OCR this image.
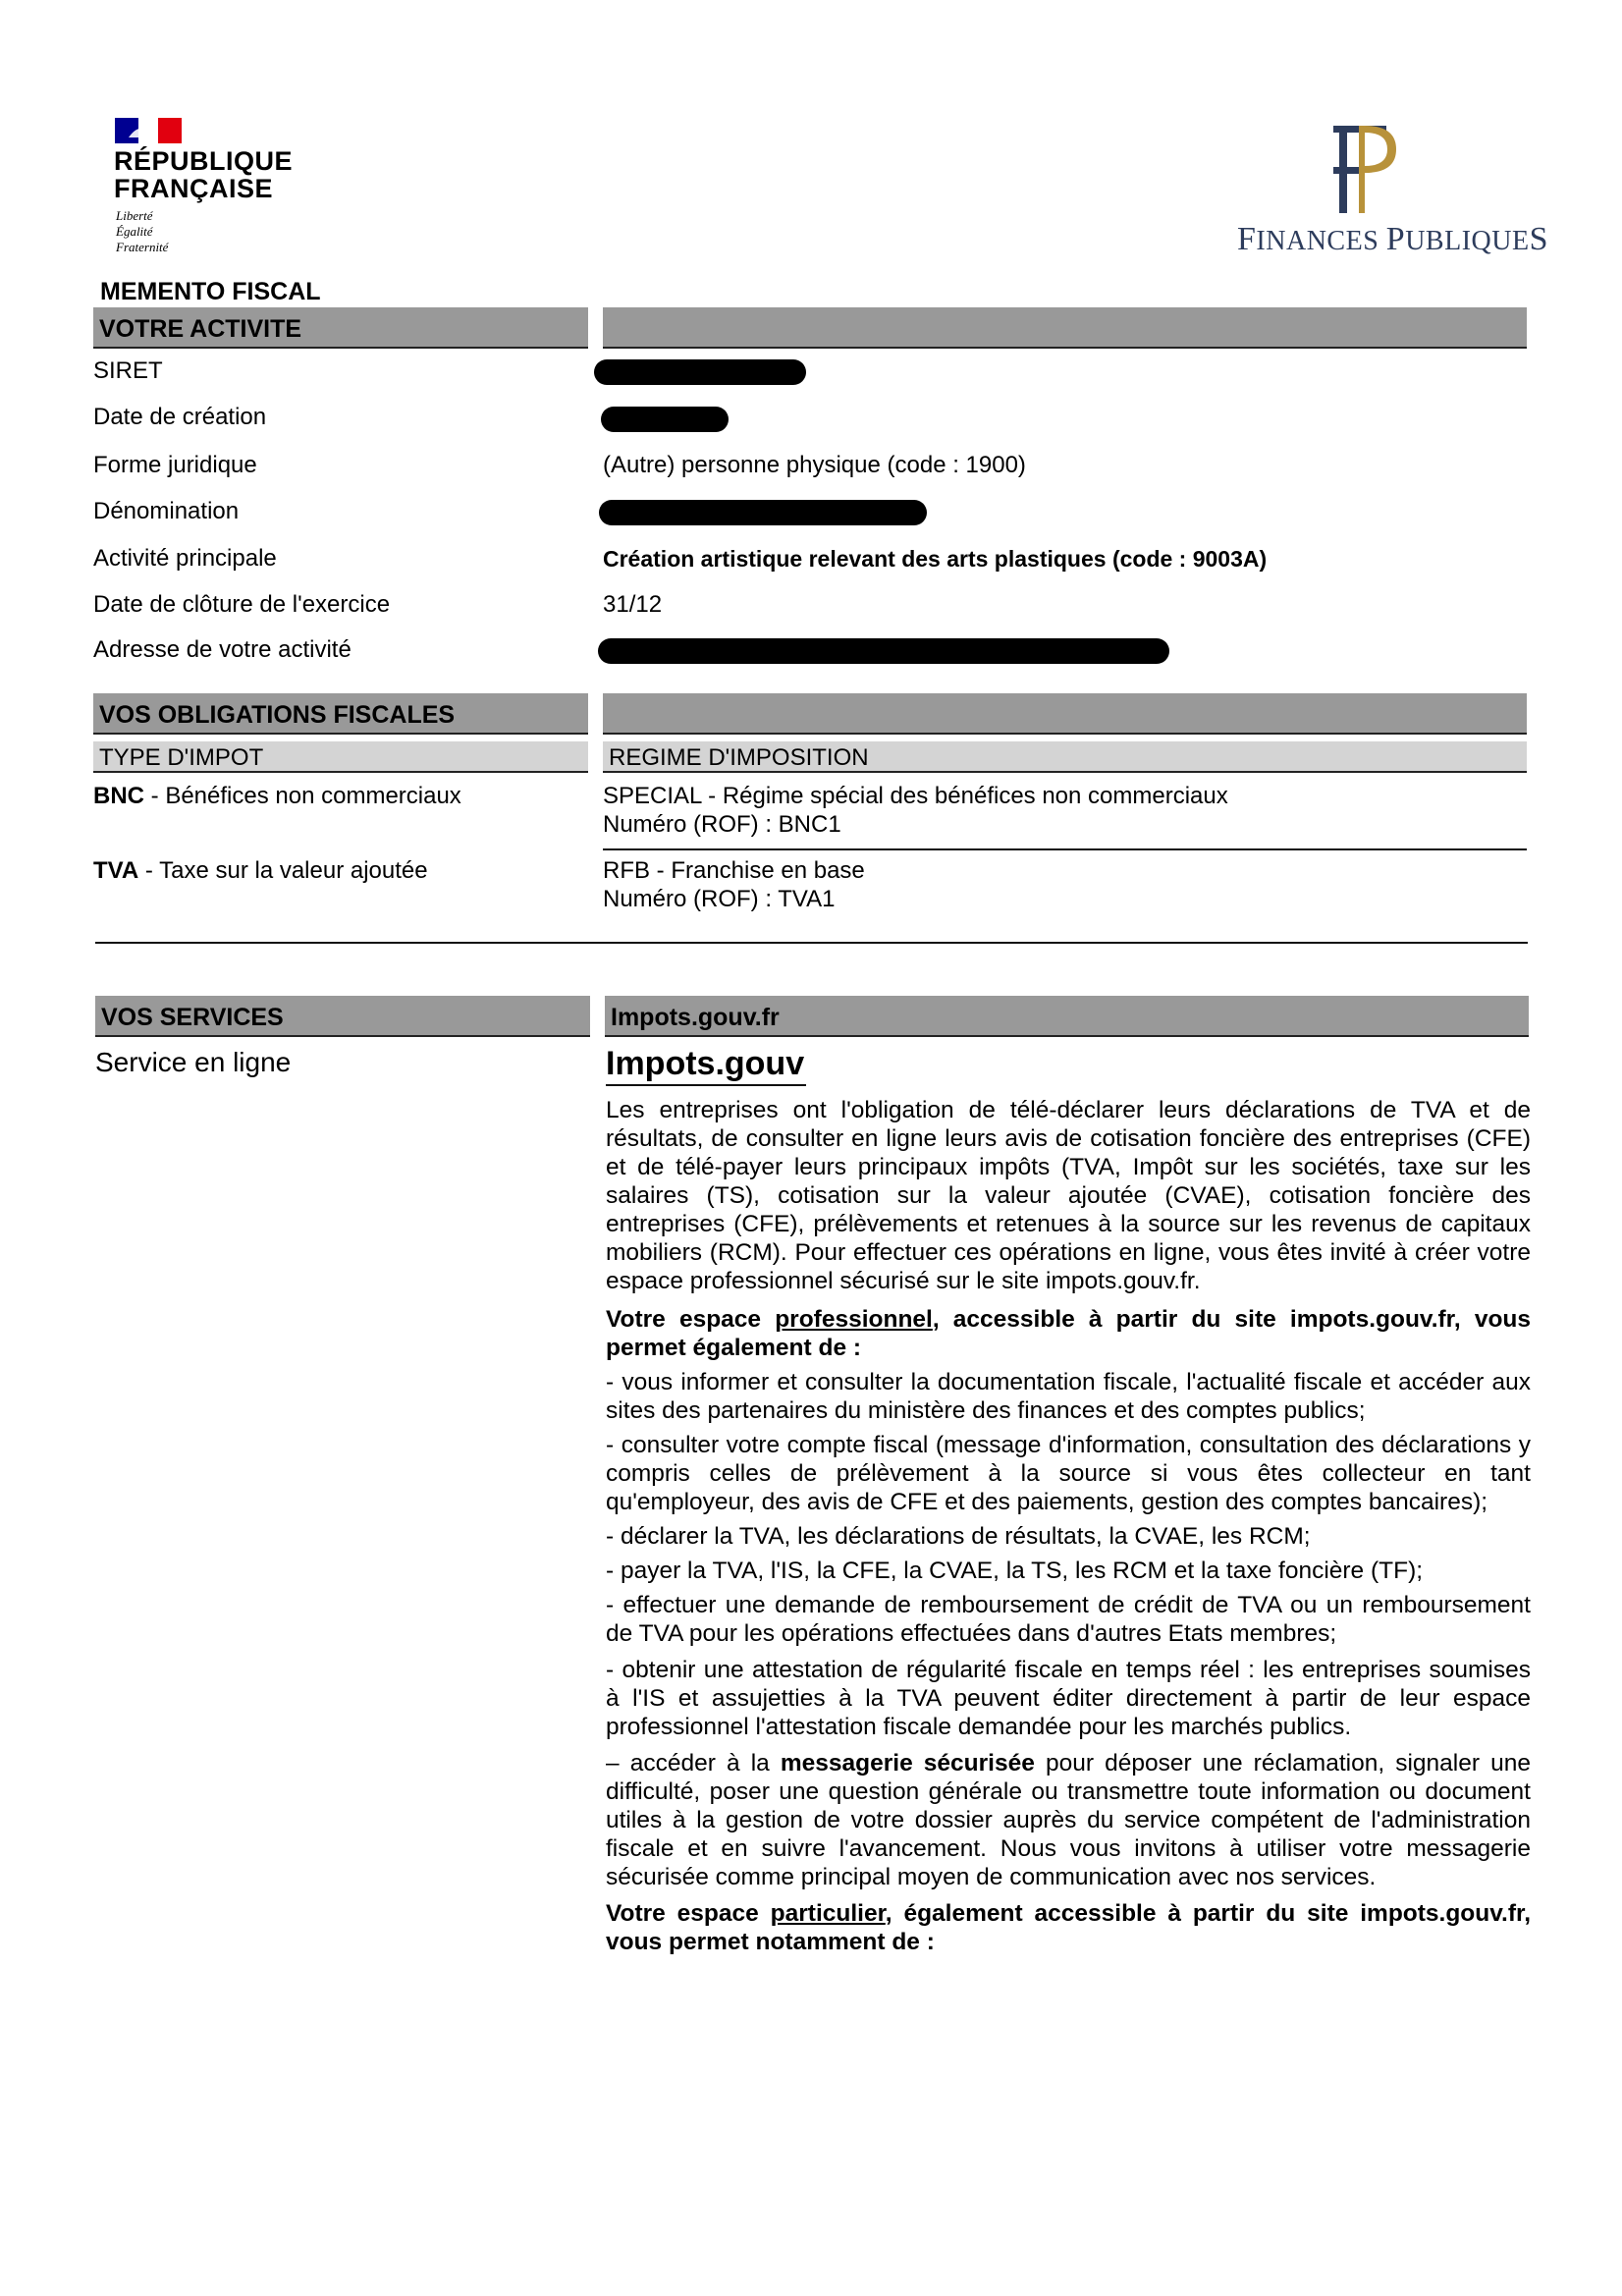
RÉPUBLIQUE
FRANÇAISE
Liberté
Égalité
Fraternité	FINANCES PUBLIQUES
MEMENTO FISCAL
VOTRE ACTIVITE
SIRET
Date de création
Forme juridique	(Autre) personne physique (code : 1900)
Dénomination
Activité principale	Création artistique relevant des arts plastiques (code : 9003A)
Date de clôture de l'exercice	31/12
Adresse de votre activité
VOS OBLIGATIONS FISCALES
TYPE D'IMPOT	REGIME D'IMPOSITION
BNC - Bénéfices non commerciaux	SPECIAL - Régime spécial des bénéfices non commerciaux
Numéro (ROF) : BNC1
TVA - Taxe sur la valeur ajoutée	RFB - Franchise en base
Numéro (ROF) : TVA1
VOS SERVICES	Impots.gouv.fr
Service en ligne	Impots.gouv

Les entreprises ont l'obligation de télé-déclarer leurs déclarations de TVA et de résultats, de consulter en ligne leurs avis de cotisation foncière des entreprises (CFE) et de télé-payer leurs principaux impôts (TVA, Impôt sur les sociétés, taxe sur les salaires (TS), cotisation sur la valeur ajoutée (CVAE), cotisation foncière des entreprises (CFE), prélèvements et retenues à la source sur les revenus de capitaux mobiliers (RCM). Pour effectuer ces opérations en ligne, vous êtes invité à créer votre espace professionnel sécurisé sur le site impots.gouv.fr.

Votre espace professionnel, accessible à partir du site impots.gouv.fr, vous permet également de :

- vous informer et consulter la documentation fiscale, l'actualité fiscale et accéder aux sites des partenaires du ministère des finances et des comptes publics;

- consulter votre compte fiscal (message d'information, consultation des déclarations y compris celles de prélèvement à la source si vous êtes collecteur en tant qu'employeur, des avis de CFE et des paiements, gestion des comptes bancaires);

- déclarer la TVA, les déclarations de résultats, la CVAE, les RCM;

- payer la TVA, l'IS, la CFE, la CVAE, la TS, les RCM et la taxe foncière (TF);

- effectuer une demande de remboursement de crédit de TVA ou un remboursement de TVA pour les opérations effectuées dans d'autres Etats membres;

- obtenir une attestation de régularité fiscale en temps réel : les entreprises soumises à l'IS et assujetties à la TVA peuvent éditer directement à partir de leur espace professionnel l'attestation fiscale demandée pour les marchés publics.

– accéder à la messagerie sécurisée pour déposer une réclamation, signaler une difficulté, poser une question générale ou transmettre toute information ou document utiles à la gestion de votre dossier auprès du service compétent de l'administration fiscale et en suivre l'avancement. Nous vous invitons à utiliser votre messagerie sécurisée comme principal moyen de communication avec nos services.

Votre espace particulier, également accessible à partir du site impots.gouv.fr, vous permet notamment de :
